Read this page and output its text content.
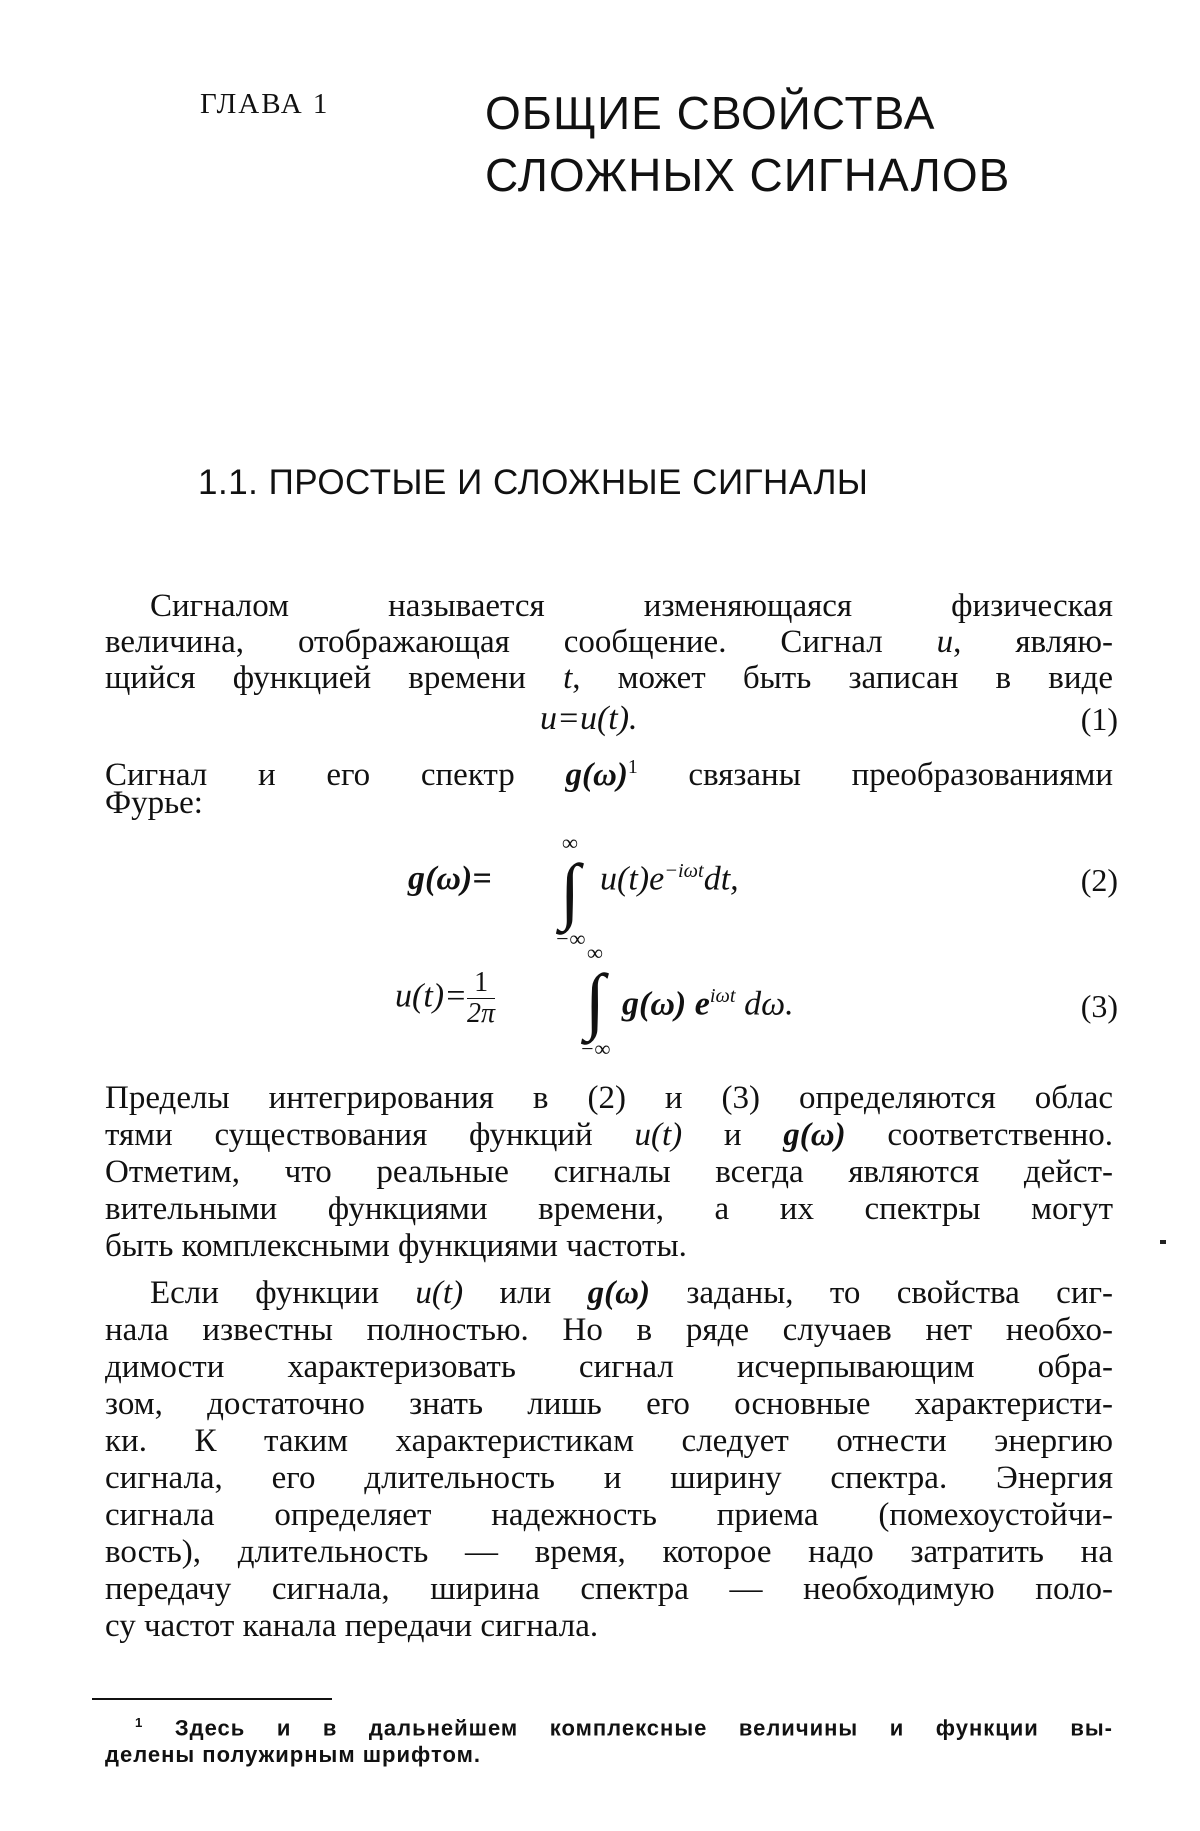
ГЛАВА 1	ОБЩИЕ СВОЙСТВА
СЛОЖНЫХ СИГНАЛОВ
1.1. ПРОСТЫЕ И СЛОЖНЫЕ СИГНАЛЫ
Сигналом называется изменяющаяся физическая
величина, отображающая сообщение. Сигнал u, являю-
щийся функцией времени t, может быть записан в виде
u=u(t).	(1)
Сигнал и его спектр $g(\omega)^1$ связаны преобразованиями
Фурье:
g(ω)=
∞
∫
−∞
$u(t)e^{-i\omega t}dt$,	(2)
$u(t)= \frac{1}{2\pi}$
∞
∫
−∞
g(ω) $e^{i\omega t}$ dω.	(3)
Пределы интегрирования в (2) и (3) определяются облас
тями существования функций u(t) и g(ω) соответственно.
Отметим, что реальные сигналы всегда являются дейст-
вительными функциями времени, а их спектры могут
быть комплексными функциями частоты.
Если функции u(t) или g(ω) заданы, то свойства сиг-
нала известны полностью. Но в ряде случаев нет необхо-
димости характеризовать сигнал исчерпывающим обра-
зом, достаточно знать лишь его основные характеристи-
ки. К таким характеристикам следует отнести энергию
сигнала, его длительность и ширину спектра. Энергия
сигнала определяет надежность приема (помехоустойчи-
вость), длительность — время, которое надо затратить на
передачу сигнала, ширина спектра — необходимую поло-
су частот канала передачи сигнала.
$^1$ Здесь и в дальнейшем комплексные величины и функции вы-
делены полужирным шрифтом.
